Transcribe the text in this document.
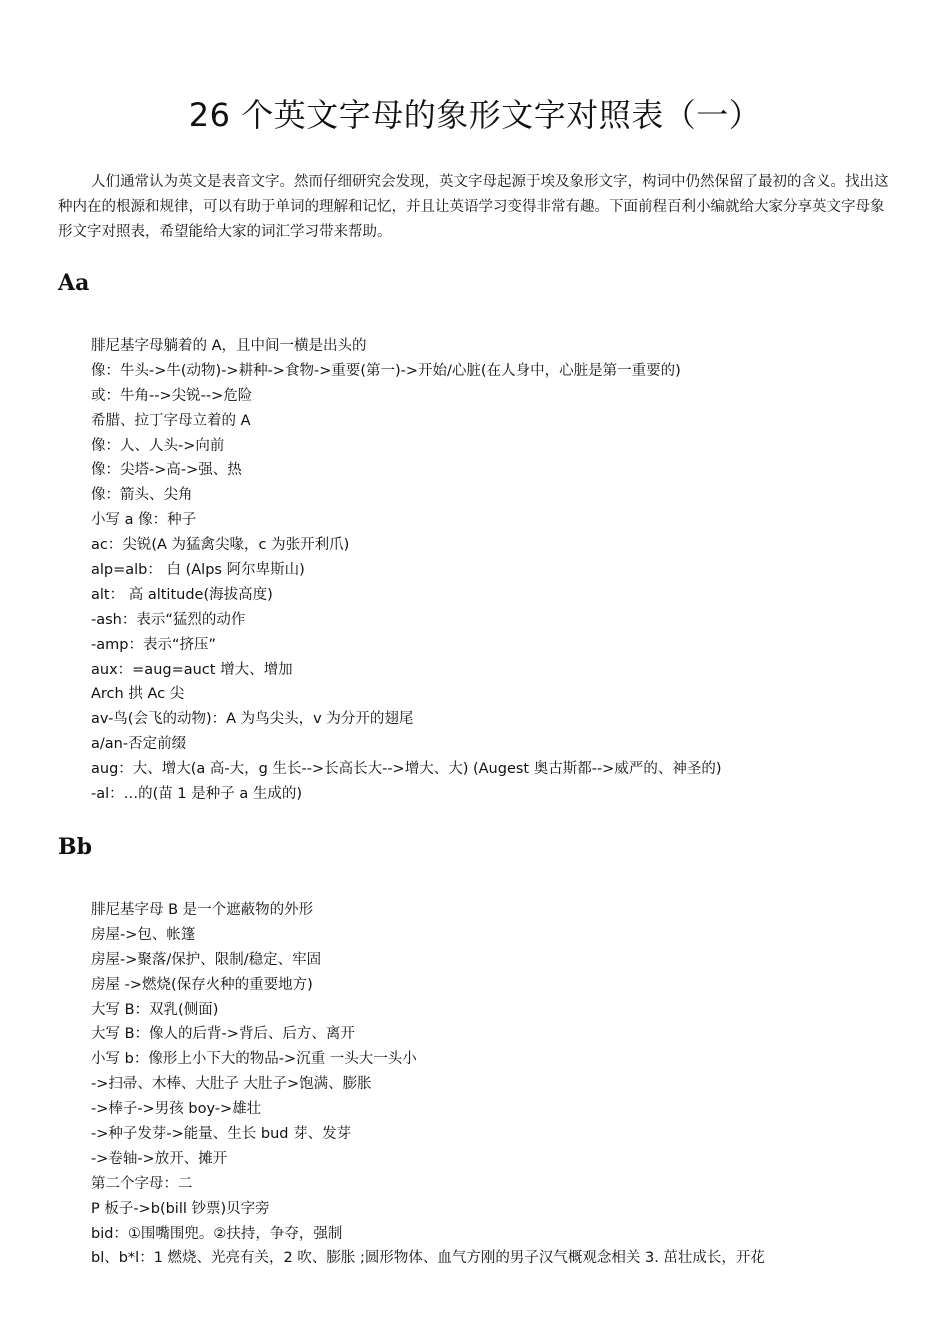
26 个英文字母的象形文字对照表（一）

人们通常认为英文是表音文字。然而仔细研究会发现，英文字母起源于埃及象形文字，构词中仍然保留了最初的含义。找出这种内在的根源和规律，可以有助于单词的理解和记忆，并且让英语学习变得非常有趣。下面前程百利小编就给大家分享英文字母象形文字对照表，希望能给大家的词汇学习带来帮助。

Aa
腓尼基字母躺着的 A，且中间一横是出头的
像：牛头->牛(动物)->耕种->食物->重要(第一)->开始/心脏(在人身中，心脏是第一重要的)
或：牛角-->尖锐-->危险
希腊、拉丁字母立着的 A
像：人、人头->向前
像：尖塔->高->强、热
像：箭头、尖角
小写 a 像：种子
ac：尖锐(A 为猛禽尖喙，c 为张开利爪)
alp=alb： 白 (Alps 阿尔卑斯山)
alt： 高 altitude(海拔高度)
-ash：表示“猛烈的动作
-amp：表示“挤压”
aux：=aug=auct 增大、增加
Arch 拱 Ac 尖
av-鸟(会飞的动物)：A 为鸟尖头，v 为分开的翅尾
a/an-否定前缀
aug：大、增大(a 高-大，g 生长-->长高长大-->增大、大) (Augest 奥古斯都-->威严的、神圣的)
-al：…的(苗 1 是种子 a 生成的)
Bb
腓尼基字母 B 是一个遮蔽物的外形
房屋->包、帐篷
房屋->聚落/保护、限制/稳定、牢固
房屋 ->燃烧(保存火种的重要地方)
大写 B：双乳(侧面)
大写 B：像人的后背->背后、后方、离开
小写 b：像形上小下大的物品->沉重 一头大一头小
->扫帚、木棒、大肚子 大肚子>饱满、膨胀
->棒子->男孩 boy->雄壮
->种子发芽->能量、生长 bud 芽、发芽
->卷轴->放开、摊开
第二个字母：二
P 板子->b(bill 钞票)贝字旁
bid：①围嘴围兜。②扶持，争夺，强制
bl、b*l：1 燃烧、光亮有关，2 吹、膨胀 ;圆形物体、血气方刚的男子汉气概观念相关 3. 茁壮成长，开花
